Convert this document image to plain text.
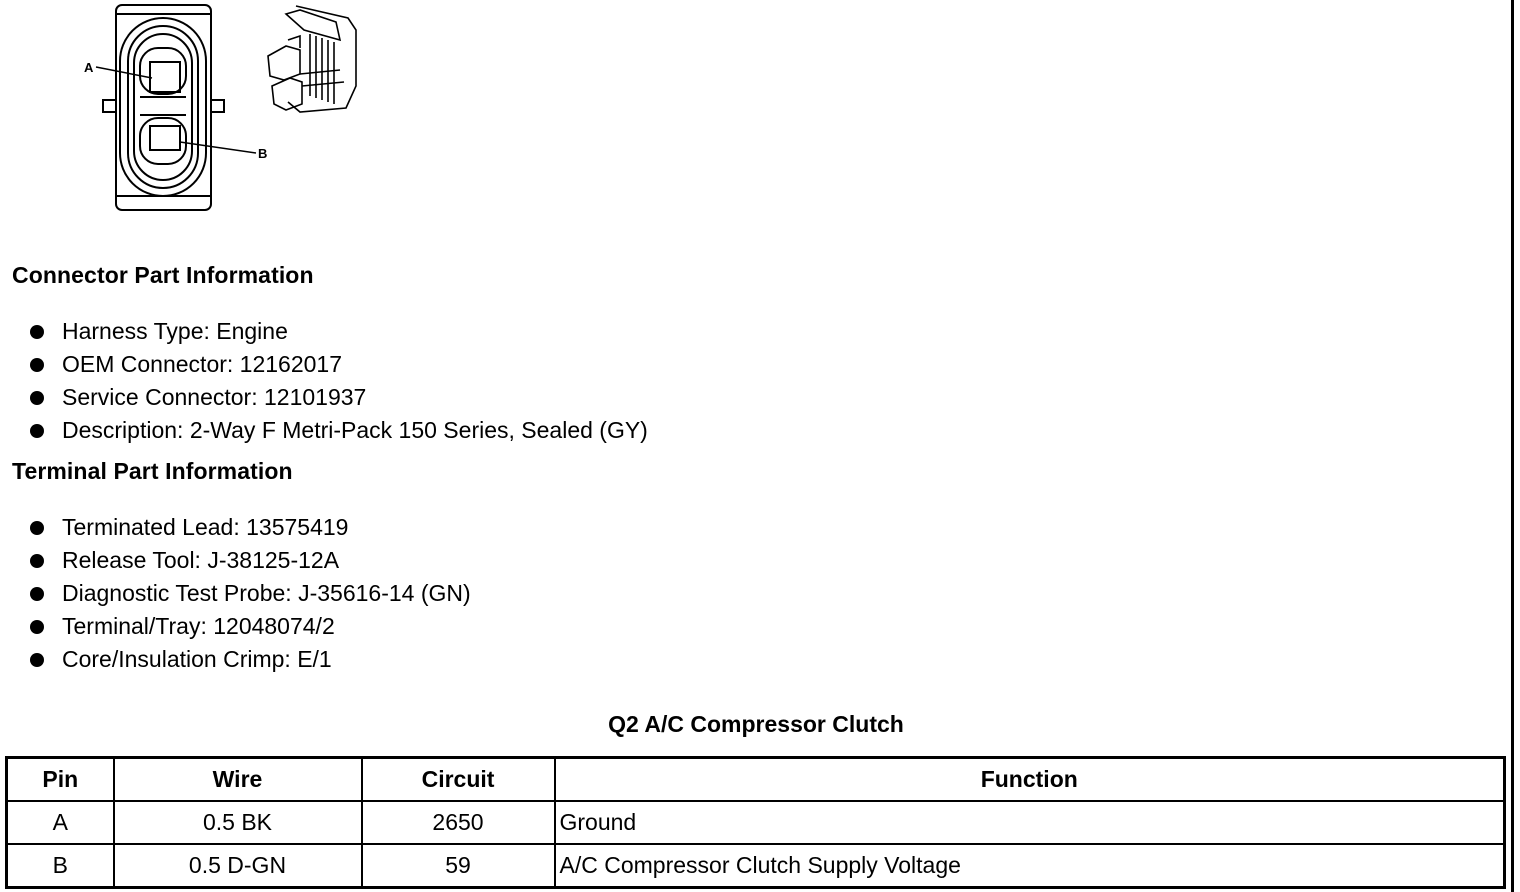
A
B
Connector Part Information
Harness Type: Engine
OEM Connector: 12162017
Service Connector: 12101937
Description: 2-Way F Metri-Pack 150 Series, Sealed (GY)
Terminal Part Information
Terminated Lead: 13575419
Release Tool: J-38125-12A
Diagnostic Test Probe: J-35616-14 (GN)
Terminal/Tray: 12048074/2
Core/Insulation Crimp: E/1
Q2 A/C Compressor Clutch
Pin	Wire	Circuit	Function
A	0.5 BK	2650	Ground
B	0.5 D-GN	59	A/C Compressor Clutch Supply Voltage
